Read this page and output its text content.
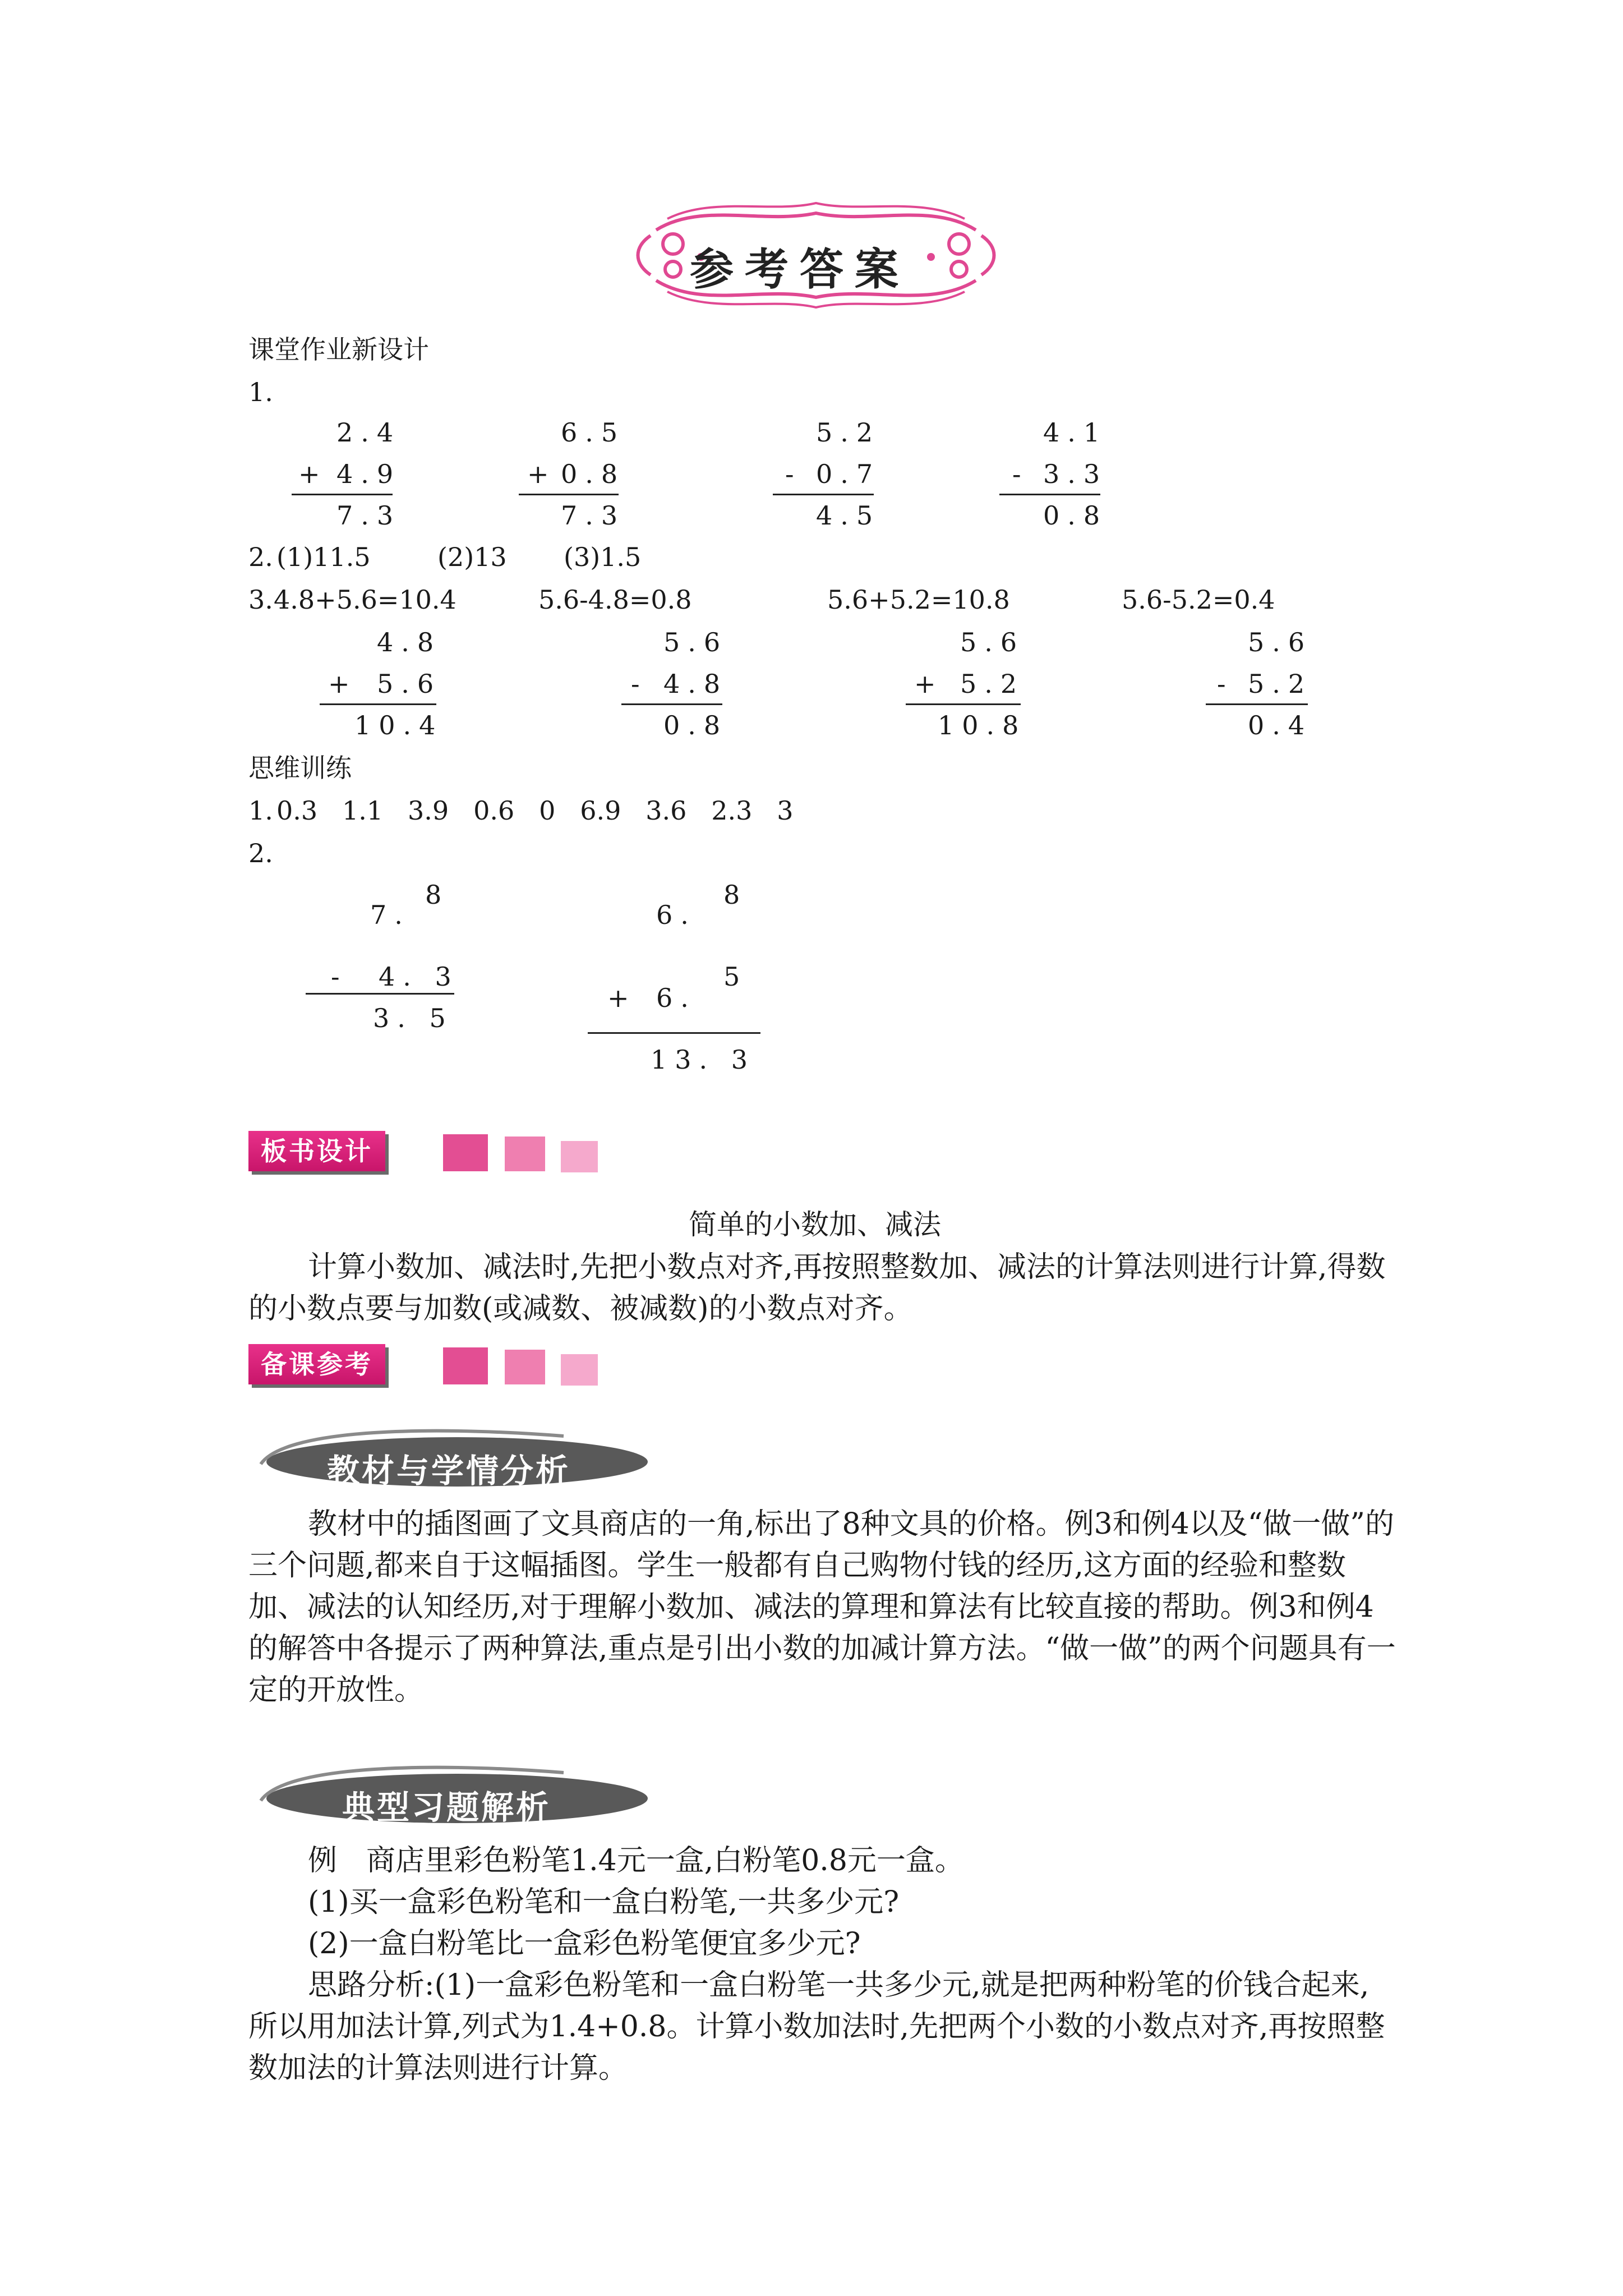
参考答案
课堂作业新设计
1.
2.4
+ 4.9
7.3
6.5
+ 0.8
7.3
5.2
- 0.7
4.5
4.1
- 3.3
0.8
2. (1)11.5	(2)13 (3)1.5
3. 4.8+5.6=10.4	5.6-4.8=0.8	5.6+5.2=10.8	5.6-5.2=0.4
4.8
+ 5.6
10.4
5.6
- 4.8
0.8
5.6
+ 5.2
10.8
5.6
- 5.2
0.4
思维训练
1. 0.3   1.1   3.9   0.6   0   6.9   3.6   2.3   3
2.
7.
8
- 4. 3
3. 5
6.
8
5
+ 6.
13. 3
板书设计
简单的小数加、减法
计算小数加、减法时,先把小数点对齐,再按照整数加、减法的计算法则进行计算,得数的小数点要与加数(或减数、被减数)的小数点对齐。
备课参考
教材与学情分析
教材中的插图画了文具商店的一角,标出了8种文具的价格。例3和例4以及“做一做”的三个问题,都来自于这幅插图。学生一般都有自己购物付钱的经历,这方面的经验和整数加、减法的认知经历,对于理解小数加、减法的算理和算法有比较直接的帮助。例3和例4的解答中各提示了两种算法,重点是引出小数的加减计算方法。“做一做”的两个问题具有一定的开放性。
典型习题解析
例　商店里彩色粉笔1.4元一盒,白粉笔0.8元一盒。
(1)买一盒彩色粉笔和一盒白粉笔,一共多少元?
(2)一盒白粉笔比一盒彩色粉笔便宜多少元?
思路分析:(1)一盒彩色粉笔和一盒白粉笔一共多少元,就是把两种粉笔的价钱合起来,所以用加法计算,列式为1.4+0.8。计算小数加法时,先把两个小数的小数点对齐,再按照整数加法的计算法则进行计算。
